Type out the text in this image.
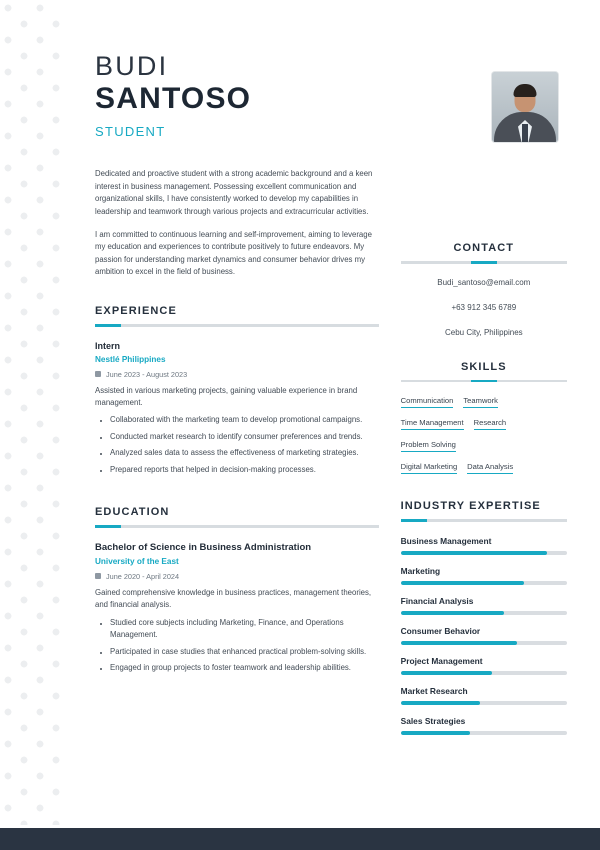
BUDI
SANTOSO
STUDENT

Dedicated and proactive student with a strong academic background and a keen interest in business management. Possessing excellent communication and organizational skills, I have consistently worked to develop my capabilities in leadership and teamwork through various projects and extracurricular activities.

I am committed to continuous learning and self-improvement, aiming to leverage my education and experiences to contribute positively to future endeavors. My passion for understanding market dynamics and consumer behavior drives my ambition to excel in the field of business.

EXPERIENCE
Intern
Nestlé Philippines
June 2023 - August 2023
Assisted in various marketing projects, gaining valuable experience in brand management.
• Collaborated with the marketing team to develop promotional campaigns.
• Conducted market research to identify consumer preferences and trends.
• Analyzed sales data to assess the effectiveness of marketing strategies.
• Prepared reports that helped in decision-making processes.
EDUCATION
Bachelor of Science in Business Administration
University of the East
June 2020 - April 2024
Gained comprehensive knowledge in business practices, management theories, and financial analysis.
• Studied core subjects including Marketing, Finance, and Operations Management.
• Participated in case studies that enhanced practical problem-solving skills.
• Engaged in group projects to foster teamwork and leadership abilities.
CONTACT
Budi_santoso@email.com
+63 912 345 6789
Cebu City, Philippines
SKILLS
Communication Teamwork
Time Management Research
Problem Solving
Digital Marketing Data Analysis
INDUSTRY EXPERTISE
Business Management
Marketing
Financial Analysis
Consumer Behavior
Project Management
Market Research
Sales Strategies
